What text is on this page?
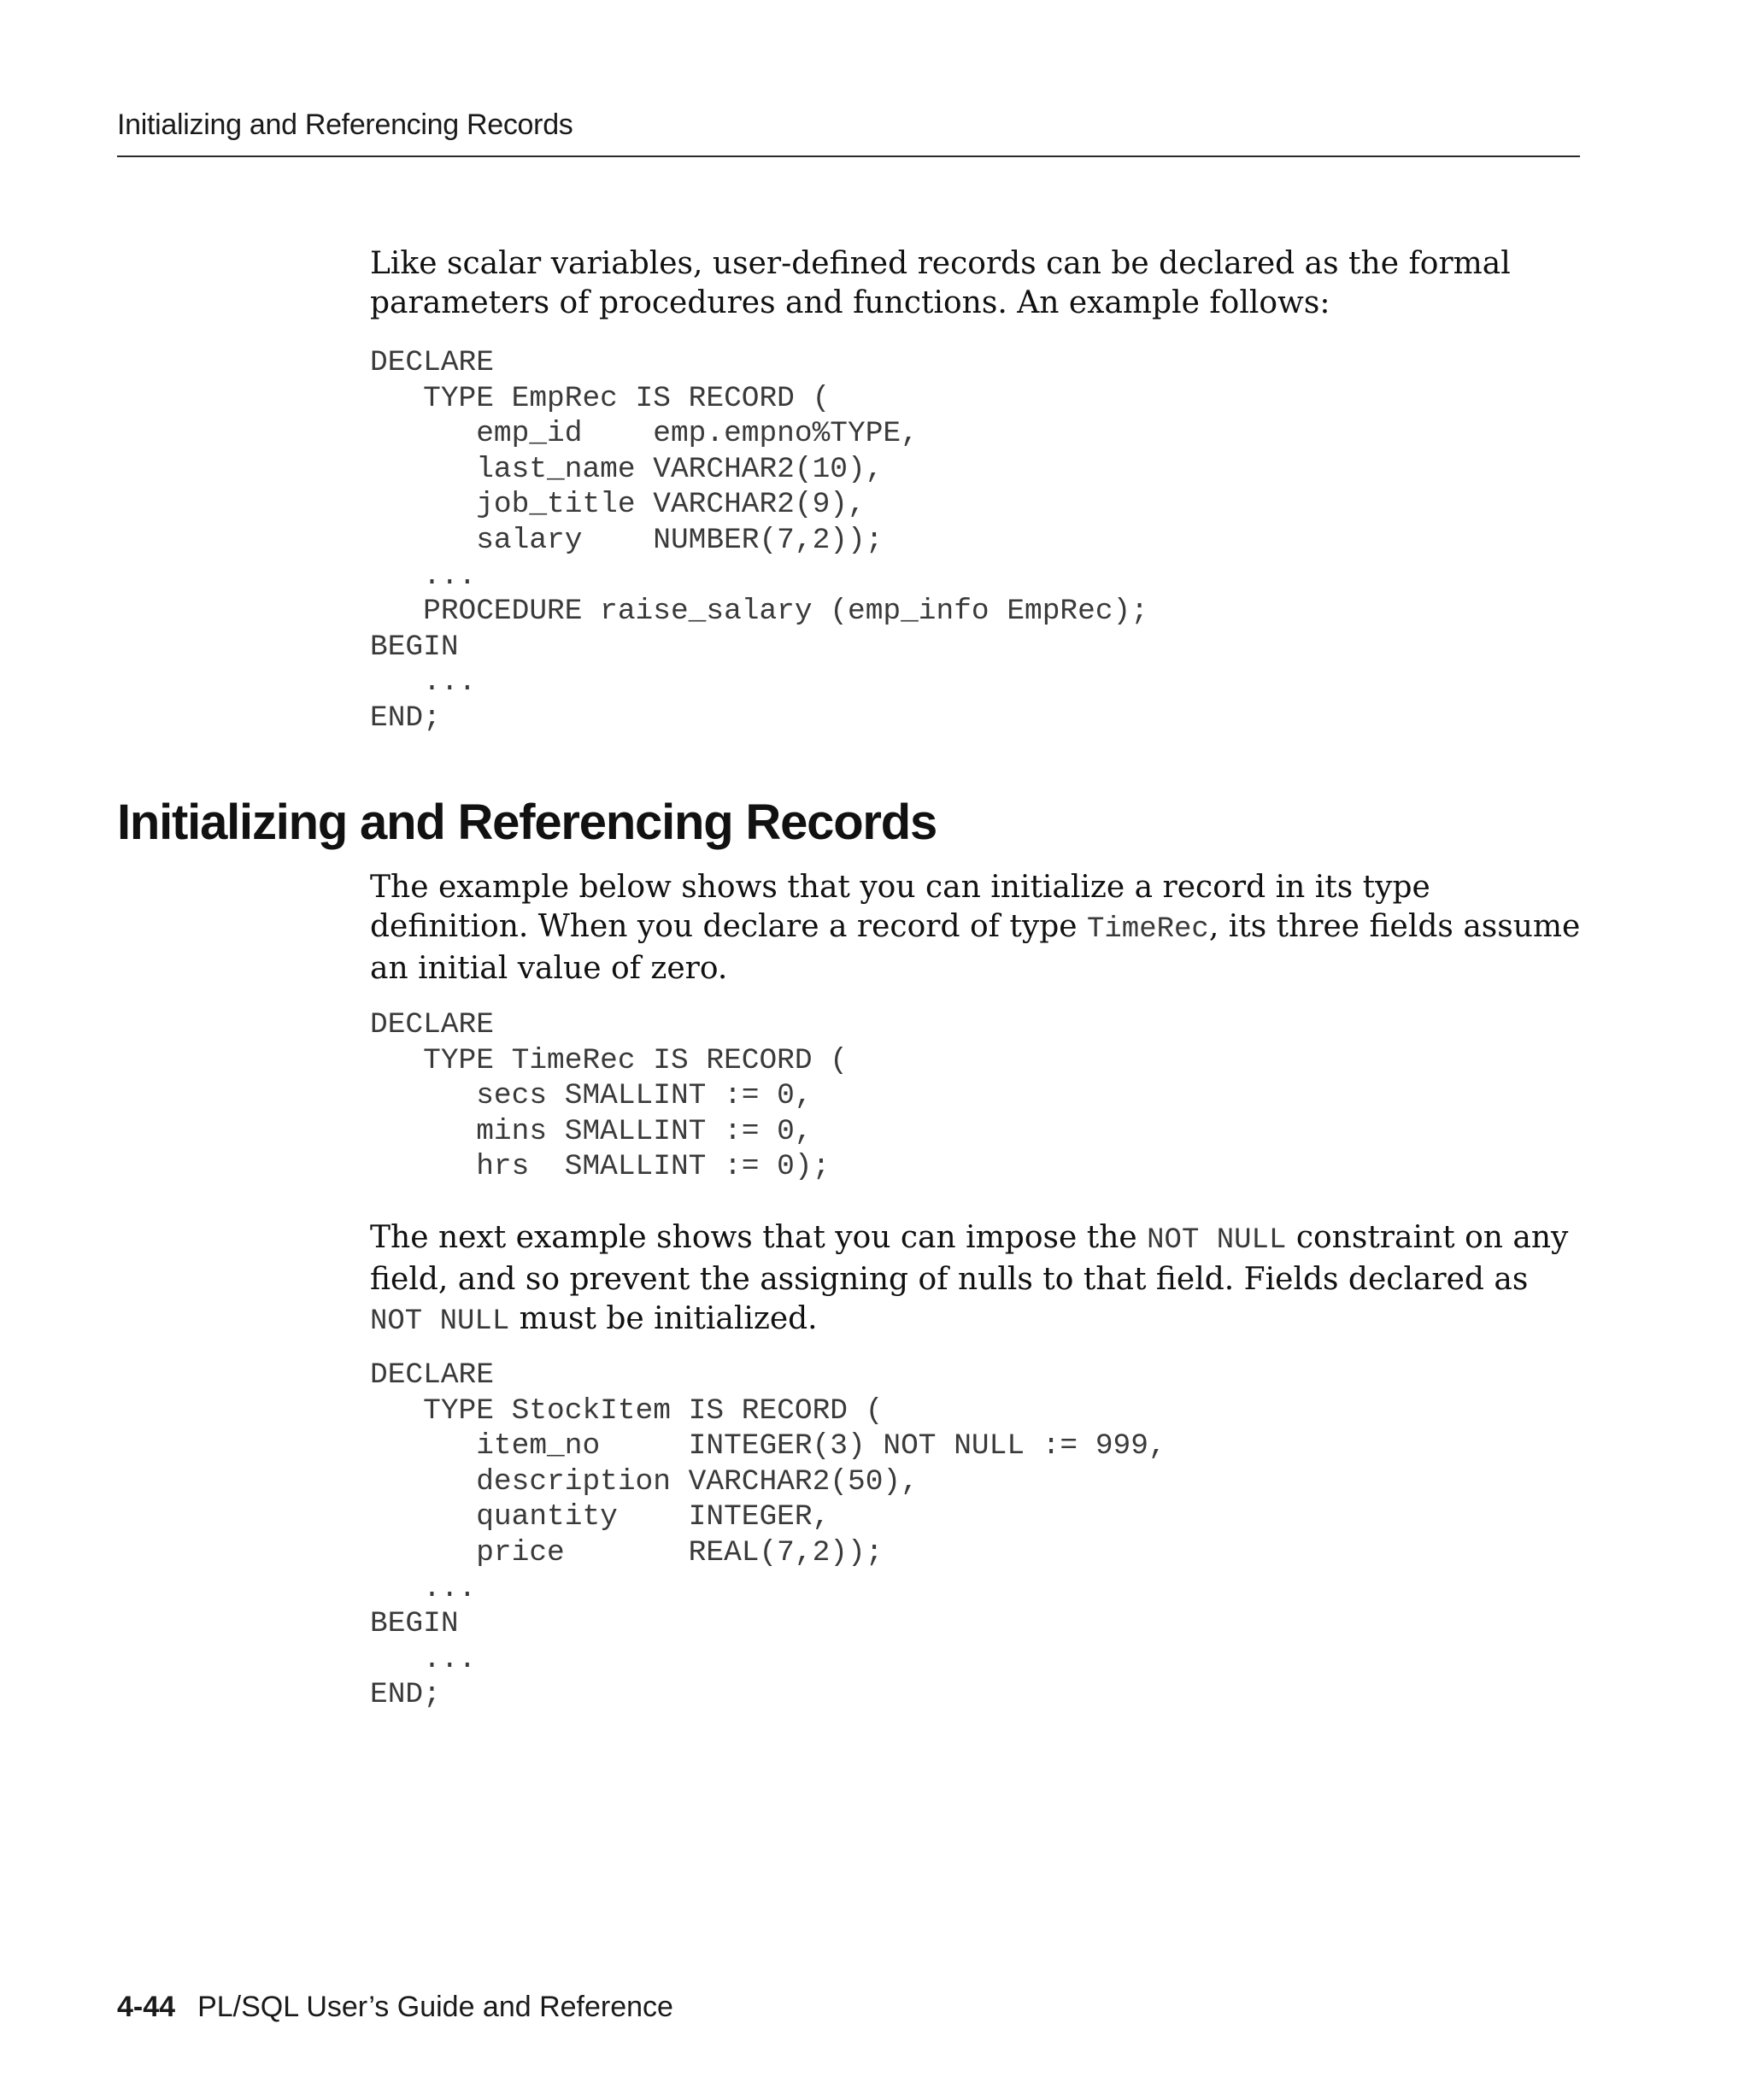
Initializing and Referencing Records

Like scalar variables, user-defined records can be declared as the formal parameters of procedures and functions. An example follows:

DECLARE
TYPE EmpRec IS RECORD (
emp_id    emp.empno%TYPE,
last_name VARCHAR2(10),
job_title VARCHAR2(9),
salary    NUMBER(7,2));
...
PROCEDURE raise_salary (emp_info EmpRec);
BEGIN
...
END;
Initializing and Referencing Records

The example below shows that you can initialize a record in its type definition. When you declare a record of type TimeRec, its three fields assume an initial value of zero.

DECLARE
TYPE TimeRec IS RECORD (
secs SMALLINT := 0,
mins SMALLINT := 0,
hrs  SMALLINT := 0);

The next example shows that you can impose the NOT NULL constraint on any field, and so prevent the assigning of nulls to that field. Fields declared as NOT NULL must be initialized.

DECLARE
TYPE StockItem IS RECORD (
item_no     INTEGER(3) NOT NULL := 999,
description VARCHAR2(50),
quantity    INTEGER,
price       REAL(7,2));
...
BEGIN
...
END;
4-44 PL/SQL User’s Guide and Reference
